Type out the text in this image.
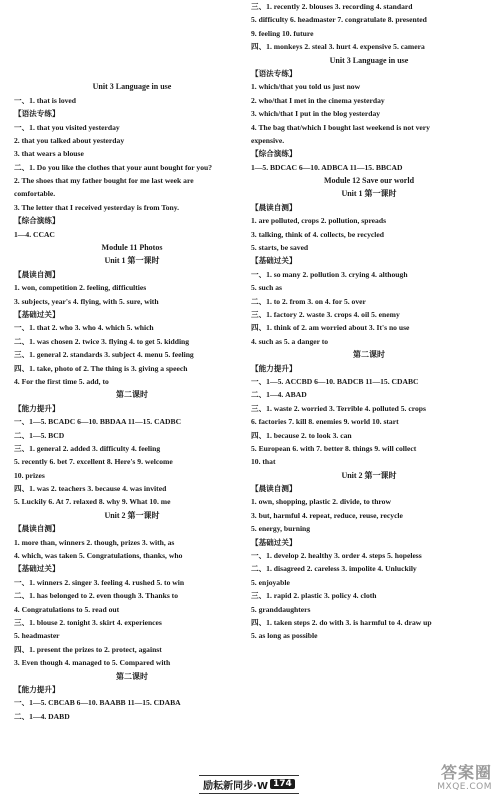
Unit 3 Language in use
一、1. that is loved
【语法专练】
一、1. that you visited yesterday
2. that you talked about yesterday
3. that wears a blouse
二、1. Do you like the clothes that your aunt bought for you?
2. The shoes that my father bought for me last week are
comfortable.
3. The letter that I received yesterday is from Tony.
【综合演练】
1—4. CCAC
Module 11 Photos
Unit 1 第一课时
【晨读自测】
1. won, competition 2. feeling, difficulties
3. subjects, year's 4. flying, with 5. sure, with
【基础过关】
一、1. that 2. who 3. who 4. which 5. which
二、1. was chosen 2. twice 3. flying 4. to get 5. kidding
三、1. general 2. standards 3. subject 4. menu 5. feeling
四、1. take, photo of 2. The thing is 3. giving a speech
4. For the first time 5. add, to
第二课时
【能力提升】
一、1—5. BCADC 6—10. BBDAA 11—15. CADBC
二、1—5. BCD
三、1. general 2. added 3. difficulty 4. feeling
5. recently 6. bet 7. excellent 8. Here's 9. welcome
10. prizes
四、1. was 2. teachers 3. because 4. was invited
5. Luckily 6. At 7. relaxed 8. why 9. What 10. me
Unit 2 第一课时
【晨读自测】
1. more than, winners 2. though, prizes 3. with, as
4. which, was taken 5. Congratulations, thanks, who
【基础过关】
一、1. winners 2. singer 3. feeling 4. rushed 5. to win
二、1. has belonged to 2. even though 3. Thanks to
4. Congratulations to 5. read out
三、1. blouse 2. tonight 3. skirt 4. experiences
5. headmaster
四、1. present the prizes to 2. protect, against
3. Even though 4. managed to 5. Compared with
第二课时
【能力提升】
一、1—5. CBCAB 6—10. BAABB 11—15. CDABA
二、1—4. DABD
三、1. recently 2. blouses 3. recording 4. standard
5. difficulty 6. headmaster 7. congratulate 8. presented
9. feeling 10. future
四、1. monkeys 2. steal 3. hurt 4. expensive 5. camera
Unit 3 Language in use
【语法专练】
1. which/that you told us just now
2. who/that I met in the cinema yesterday
3. which/that I put in the blog yesterday
4. The bag that/which I bought last weekend is not very
expensive.
【综合演练】
1—5. BDCAC 6—10. ADBCA 11—15. BBCAD
Module 12 Save our world
Unit 1 第一课时
【晨读自测】
1. are polluted, crops 2. pollution, spreads
3. talking, think of 4. collects, be recycled
5. starts, be saved
【基础过关】
一、1. so many 2. pollution 3. crying 4. although
5. such as
二、1. to 2. from 3. on 4. for 5. over
三、1. factory 2. waste 3. crops 4. oil 5. enemy
四、1. think of 2. am worried about 3. It's no use
4. such as 5. a danger to
第二课时
【能力提升】
一、1—5. ACCBD 6—10. BADCB 11—15. CDABC
二、1—4. ABAD
三、1. waste 2. worried 3. Terrible 4. polluted 5. crops
6. factories 7. kill 8. enemies 9. world 10. start
四、1. because 2. to look 3. can
5. European 6. with 7. better 8. things 9. will collect
10. that
Unit 2 第一课时
【晨读自测】
1. own, shopping, plastic 2. divide, to throw
3. but, harmful 4. repeat, reduce, reuse, recycle
5. energy, burning
【基础过关】
一、1. develop 2. healthy 3. order 4. steps 5. hopeless
二、1. disagreed 2. careless 3. impolite 4. Unluckily
5. enjoyable
三、1. rapid 2. plastic 3. policy 4. cloth
5. granddaughters
四、1. taken steps 2. do with 3. is harmful to 4. draw up
5. as long as possible
励耘新同步·W 174
答案圈
MXQE.COM
